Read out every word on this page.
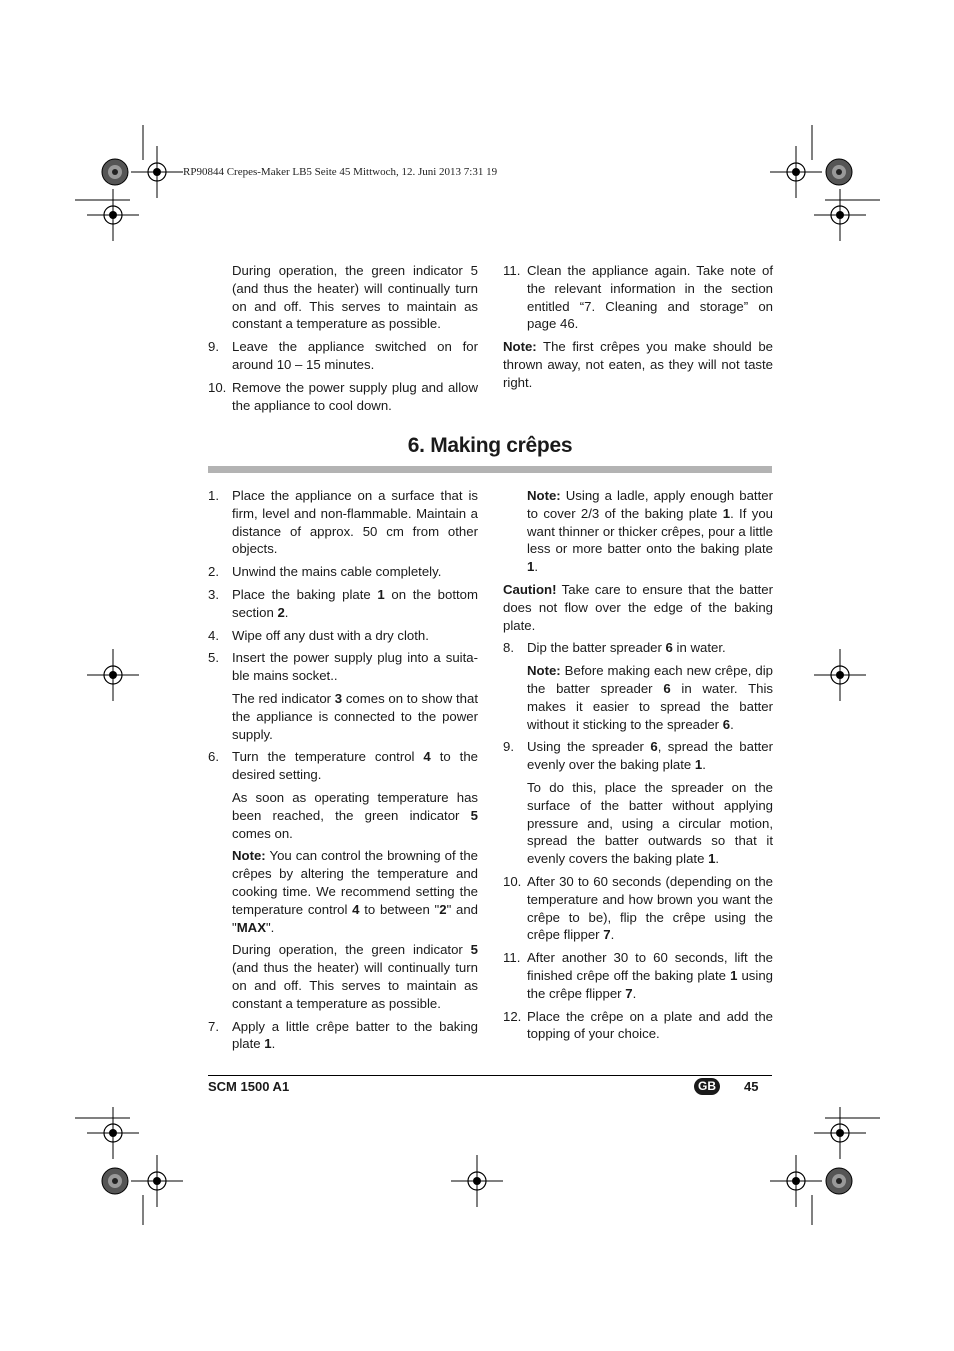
RP90844 Crepes-Maker LB5 Seite 45 Mittwoch, 12. Juni 2013 7:31 19

During operation, the green indicator 5 (and thus the heater) will continually turn on and off. This serves to maintain as constant a temperature as possible.

9. Leave the appliance switched on for around 10 – 15 minutes.
10. Remove the power supply plug and allow the appliance to cool down.
11. Clean the appliance again. Take note of the relevant information in the section entitled “7. Cleaning and storage” on page 46.

Note: The first crêpes you make should be thrown away, not eaten, as they will not taste right.

6. Making crêpes
1. Place the appliance on a surface that is firm, level and non-flammable. Maintain a distance of approx. 50 cm from other objects.
2. Unwind the mains cable completely.
3. Place the baking plate 1 on the bottom section 2.
4. Wipe off any dust with a dry cloth.
5. Insert the power supply plug into a suita-ble mains socket..

The red indicator 3 comes on to show that the appliance is connected to the power supply.

6. Turn the temperature control 4 to the desired setting.

As soon as operating temperature has been reached, the green indicator 5 comes on.

Note: You can control the browning of the crêpes by altering the temperature and cooking time. We recommend setting the temperature control 4 to between "2" and "MAX".

During operation, the green indicator 5 (and thus the heater) will continually turn on and off. This serves to maintain as constant a temperature as possible.

7. Apply a little crêpe batter to the baking plate 1.

Note: Using a ladle, apply enough batter to cover 2/3 of the baking plate 1. If you want thinner or thicker crêpes, pour a little less or more batter onto the baking plate 1.

Caution! Take care to ensure that the batter does not flow over the edge of the baking plate.

8. Dip the batter spreader 6 in water.

Note: Before making each new crêpe, dip the batter spreader 6 in water. This makes it easier to spread the batter without it sticking to the spreader 6.

9. Using the spreader 6, spread the batter evenly over the baking plate 1.

To do this, place the spreader on the surface of the batter without applying pressure and, using a circular motion, spread the batter outwards so that it evenly covers the baking plate 1.

10. After 30 to 60 seconds (depending on the temperature and how brown you want the crêpe to be), flip the crêpe using the crêpe flipper 7.
11. After another 30 to 60 seconds, lift the finished crêpe off the baking plate 1 using the crêpe flipper 7.
12. Place the crêpe on a plate and add the topping of your choice.
SCM 1500 A1	GB	45
